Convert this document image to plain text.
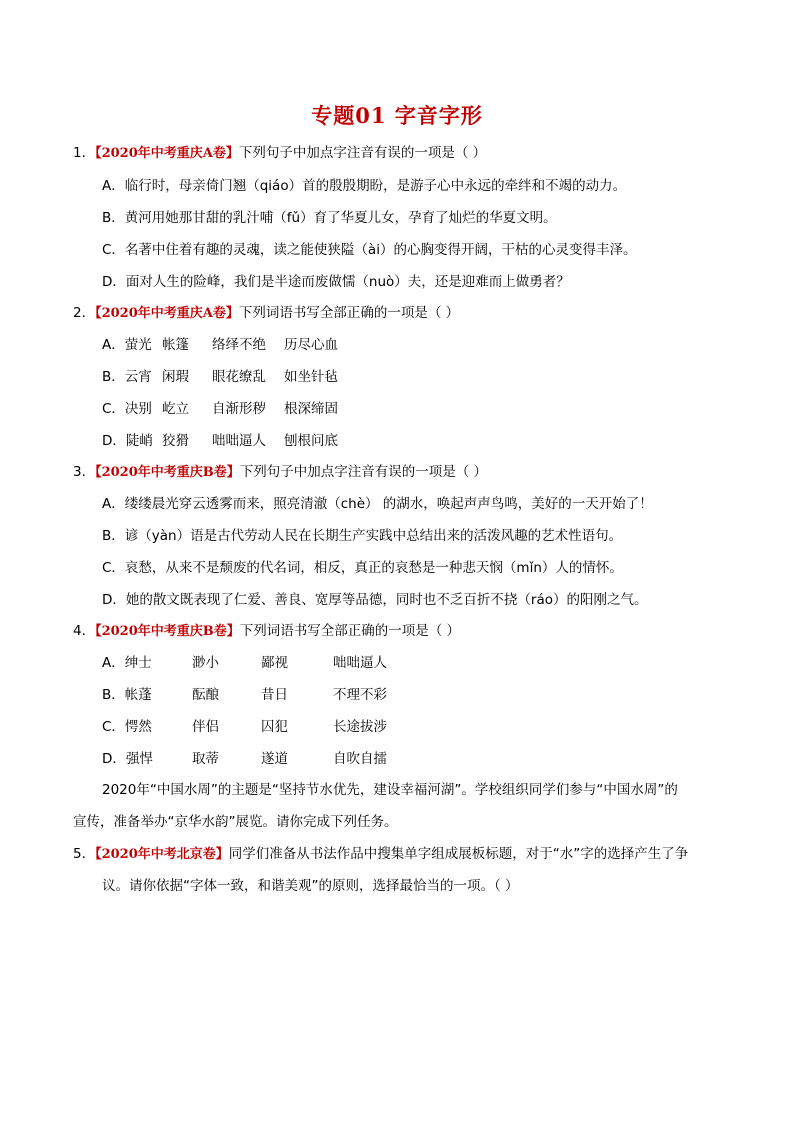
专题01 字音字形
1．【2020年中考重庆A卷】下列句子中加点字注音有误的一项是（ ）
A．临行时，母亲倚门翘（qiáo）首的殷殷期盼，是游子心中永远的牵绊和不竭的动力。
B．黄河用她那甘甜的乳汁哺（fǔ）育了华夏儿女，孕育了灿烂的华夏文明。
C．名著中住着有趣的灵魂，读之能使狭隘（ài）的心胸变得开阔，干枯的心灵变得丰泽。
D．面对人生的险峰，我们是半途而废做懦（nuò）夫，还是迎难而上做勇者？
2．【2020年中考重庆A卷】下列词语书写全部正确的一项是（ ）
A．萤光 帐篷 络绎不绝 历尽心血
B．云宵 闲瑕 眼花缭乱 如坐针毡
C．决别 屹立 自渐形秽 根深缔固
D．陡峭 狡猾 咄咄逼人 刨根问底
3．【2020年中考重庆B卷】下列句子中加点字注音有误的一项是（ ）
A．缕缕晨光穿云透雾而来，照亮清澈（chè） 的湖水，唤起声声鸟鸣，美好的一天开始了！
B．谚（yàn）语是古代劳动人民在长期生产实践中总结出来的活泼风趣的艺术性语句。
C．哀愁，从来不是颓废的代名词，相反，真正的哀愁是一种悲天悯（mǐn）人的情怀。
D．她的散文既表现了仁爱、善良、宽厚等品德，同时也不乏百折不挠（ráo）的阳刚之气。
4．【2020年中考重庆B卷】下列词语书写全部正确的一项是（ ）
A．绅士	渺小	鄙视	咄咄逼人
B．帐蓬	酝酿	昔日	不理不彩
C．愕然	伴侣	囚犯	长途拔涉
D．强悍	取蒂	遂道	自吹自擂
2020年“中国水周”的主题是“坚持节水优先，建设幸福河湖”。学校组织同学们参与“中国水周”的
宣传，准备举办“京华水韵”展览。请你完成下列任务。
5．【2020年中考北京卷】同学们准备从书法作品中搜集单字组成展板标题，对于“水”字的选择产生了争
议。请你依据“字体一致，和谐美观”的原则，选择最恰当的一项。（ ）
